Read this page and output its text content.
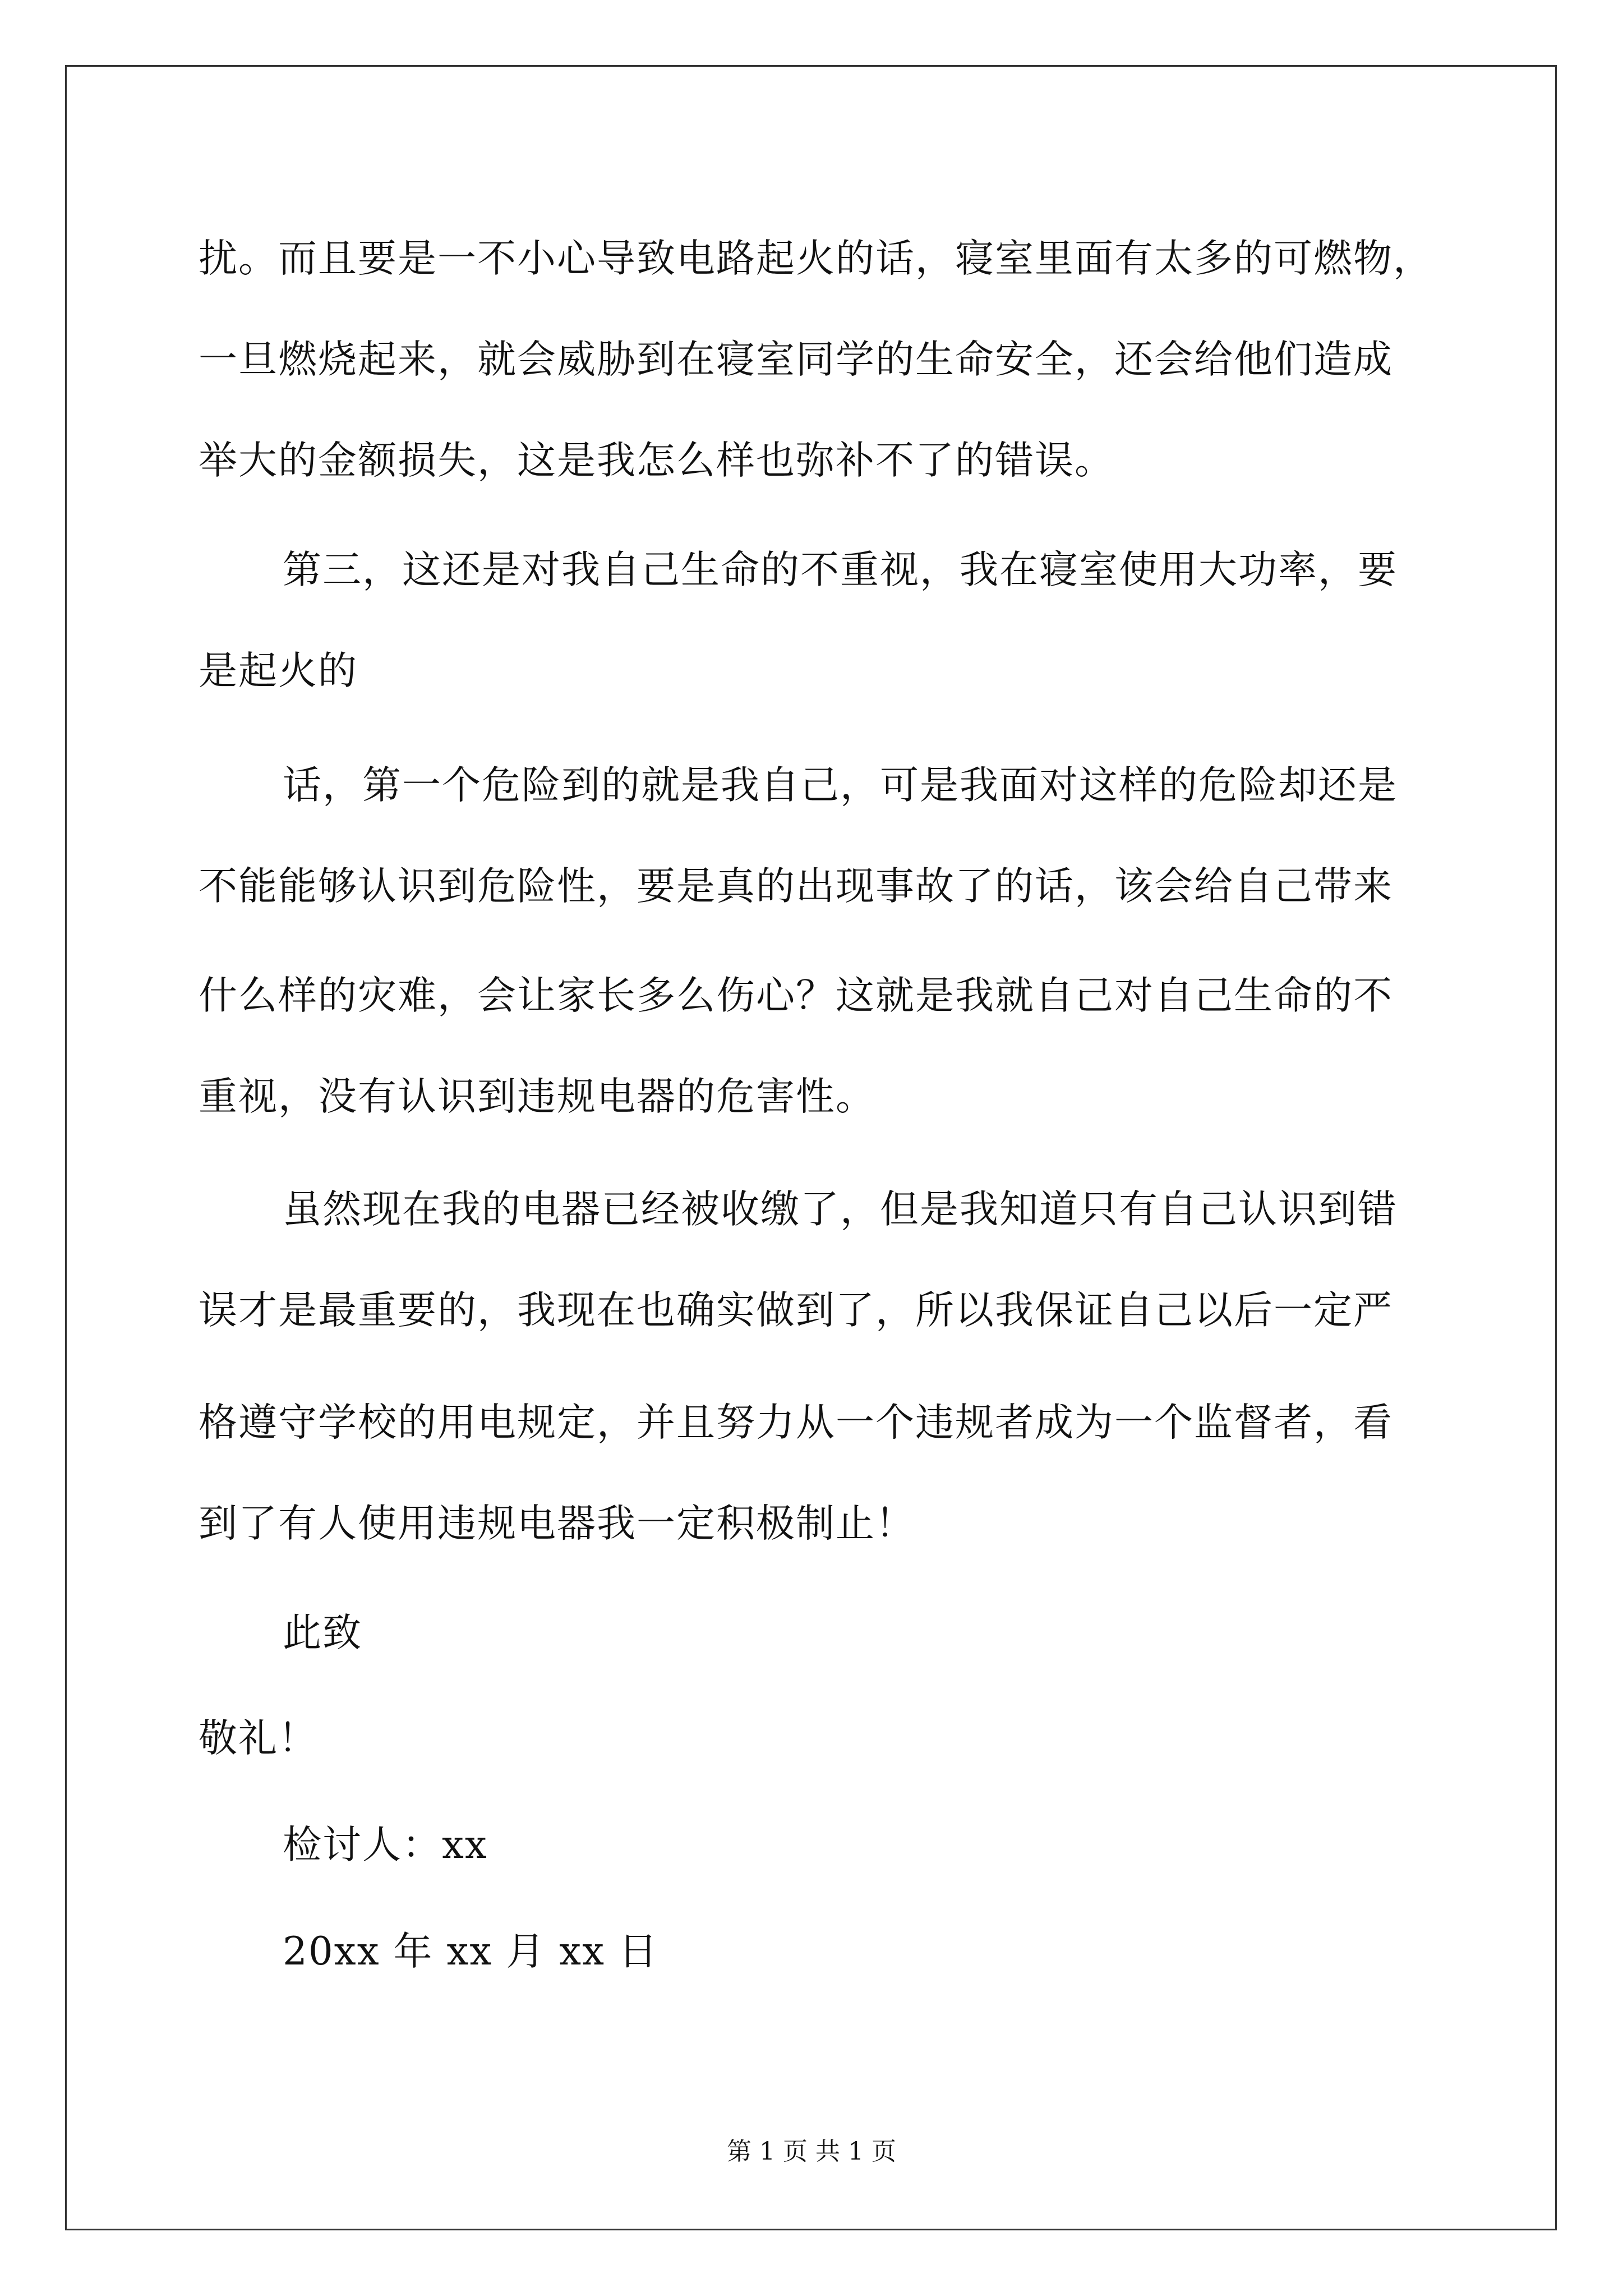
扰。而且要是一不小心导致电路起火的话，寝室里面有太多的可燃物，
一旦燃烧起来，就会威胁到在寝室同学的生命安全，还会给他们造成
举大的金额损失，这是我怎么样也弥补不了的错误。
第三，这还是对我自己生命的不重视，我在寝室使用大功率，要
是起火的
话，第一个危险到的就是我自己，可是我面对这样的危险却还是
不能能够认识到危险性，要是真的出现事故了的话，该会给自己带来
什么样的灾难，会让家长多么伤心？这就是我就自己对自己生命的不
重视，没有认识到违规电器的危害性。
虽然现在我的电器已经被收缴了，但是我知道只有自己认识到错
误才是最重要的，我现在也确实做到了，所以我保证自己以后一定严
格遵守学校的用电规定，并且努力从一个违规者成为一个监督者，看
到了有人使用违规电器我一定积极制止！
此致
敬礼！
检讨人：xx
20xx 年 xx 月 xx 日
第 1 页 共 1 页
